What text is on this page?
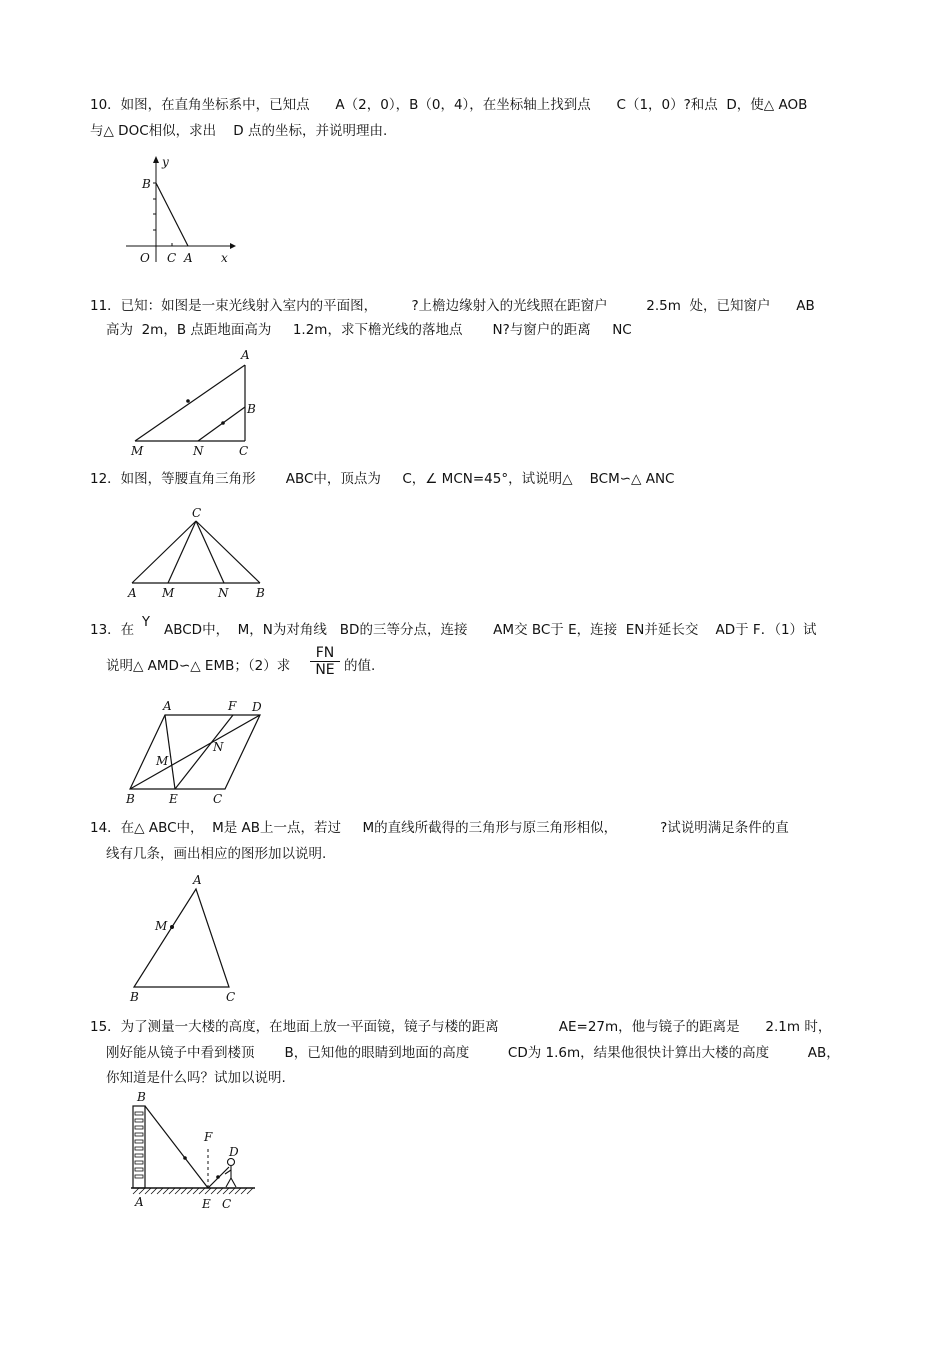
10．如图，在直角坐标系中，已知点      A（2，0），B（0，4），在坐标轴上找到点      C（1，0）?和点  D，使△ AOB
与△ DOC相似，求出    D 点的坐标，并说明理由.
y
B
O C A x
11．已知：如图是一束光线射入室内的平面图，        ?上檐边缘射入的光线照在距窗户         2.5m  处，已知窗户      AB
高为  2m，B 点距地面高为     1.2m，求下檐光线的落地点       N?与窗户的距离     NC
A
B
M	N	C
12．如图，等腰直角三角形       ABC中，顶点为     C，∠ MCN=45°，试说明△    BCM∽△ ANC
C
A M	N B
13．在 Y ABCD中，  M，N为对角线   BD的三等分点，连接      AM交 BC于 E，连接  EN并延长交    AD于 F．（1）试
说明△ AMD∽△ EMB；（2）求 $\frac{FN}{NE}$ 的值.
A	F D
M
N
B	E	C
14．在△ ABC中，  M是 AB上一点，若过     M的直线所截得的三角形与原三角形相似，          ?试说明满足条件的直
线有几条，画出相应的图形加以说明.
A
M
B	C
15．为了测量一大楼的高度，在地面上放一平面镜，镜子与楼的距离              AE=27m，他与镜子的距离是      2.1m 时，
刚好能从镜子中看到楼顶       B，已知他的眼睛到地面的高度         CD为 1.6m，结果他很快计算出大楼的高度         AB，
你知道是什么吗？试加以说明.
B
F
D
A	E C
